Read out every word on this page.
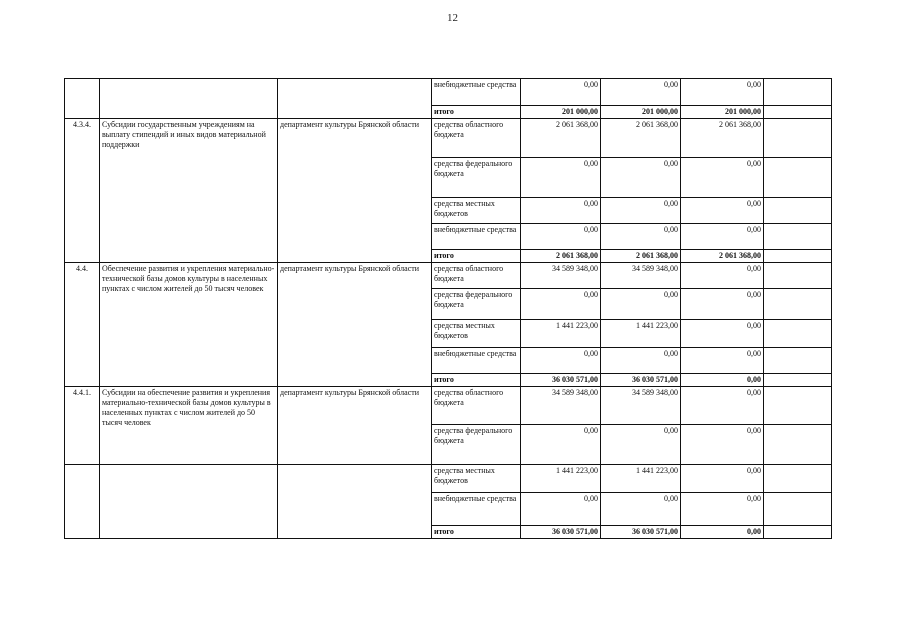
12
			внебюджетные средства	0,00	0,00	0,00	
			итого	201 000,00	201 000,00	201 000,00	
4.3.4.	Субсидии государственным учреждениям на выплату стипендий и иных видов материальной поддержки	департамент культуры Брянской области	средства областного бюджета	2 061 368,00	2 061 368,00	2 061 368,00	
			средства федерального бюджета	0,00	0,00	0,00	
			средства местных бюджетов	0,00	0,00	0,00	
			внебюджетные средства	0,00	0,00	0,00	
			итого	2 061 368,00	2 061 368,00	2 061 368,00	
4.4.	Обеспечение развития и укрепления материально-технической базы домов культуры в населенных пунктах с числом жителей до 50 тысяч человек	департамент культуры Брянской области	средства областного бюджета	34 589 348,00	34 589 348,00	0,00	
			средства федерального бюджета	0,00	0,00	0,00	
			средства местных бюджетов	1 441 223,00	1 441 223,00	0,00	
			внебюджетные средства	0,00	0,00	0,00	
			итого	36 030 571,00	36 030 571,00	0,00	
4.4.1.	Субсидии на обеспечение развития и укрепления материально-технической базы домов культуры в населенных пунктах с числом жителей до 50 тысяч человек	департамент культуры Брянской области	средства областного бюджета	34 589 348,00	34 589 348,00	0,00	
			средства федерального бюджета	0,00	0,00	0,00	
			средства местных бюджетов	1 441 223,00	1 441 223,00	0,00	
			внебюджетные средства	0,00	0,00	0,00	
			итого	36 030 571,00	36 030 571,00	0,00	
